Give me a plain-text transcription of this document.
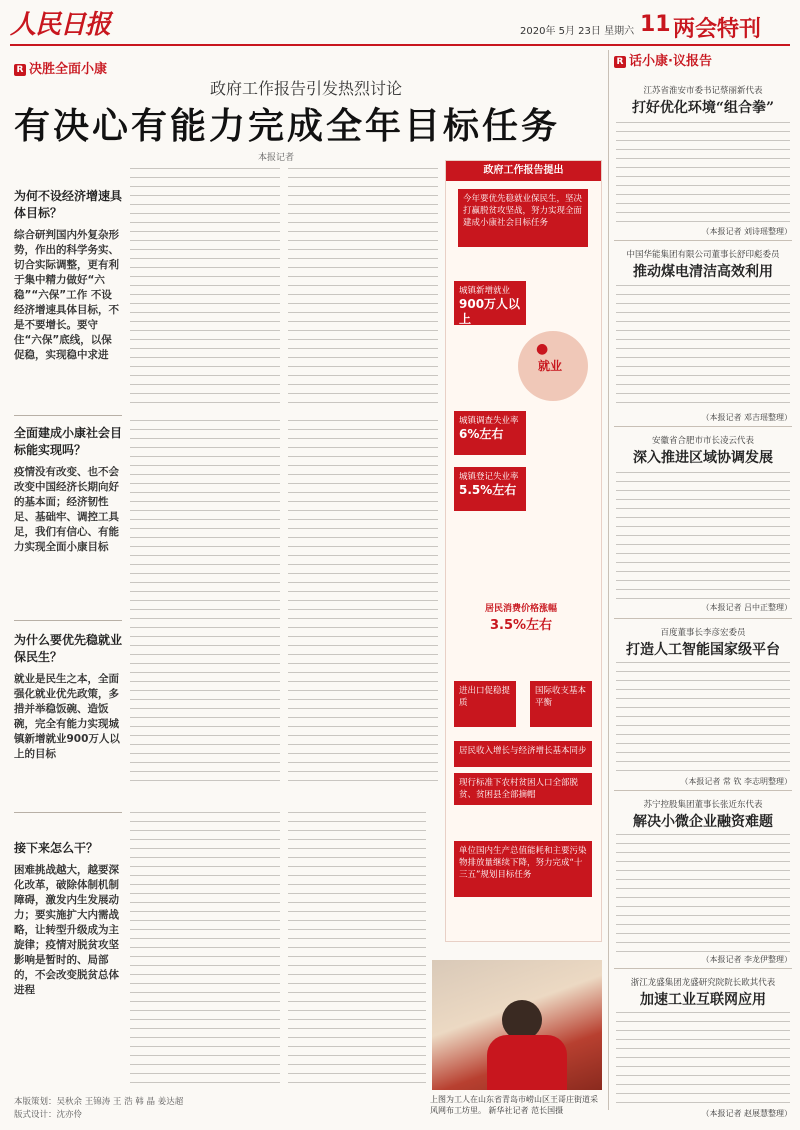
人民日报	2020年 5月 23日 星期六 11 两会特刊
R 决胜全面小康
政府工作报告引发热烈讨论
有决心有能力完成全年目标任务
本报记者
为何不设经济增速具体目标？
综合研判国内外复杂形势，作出的科学务实、切合实际调整，更有利于集中精力做好“六稳”“六保”工作 不设经济增速具体目标，不是不要增长。要守住“六保”底线，以保促稳，实现稳中求进
全面建成小康社会目标能实现吗？
疫情没有改变、也不会改变中国经济长期向好的基本面；经济韧性足、基础牢、调控工具足，我们有信心、有能力实现全面小康目标
为什么要优先稳就业保民生？
就业是民生之本，全面强化就业优先政策，多措并举稳饭碗、造饭碗，完全有能力实现城镇新增就业900万人以上的目标
接下来怎么干？
困难挑战越大，越要深化改革，破除体制机制障碍，激发内生发展动力；要实施扩大内需战略，让转型升级成为主旋律；疫情对脱贫攻坚影响是暂时的、局部的，不会改变脱贫总体进程
政府工作报告提出
今年要优先稳就业保民生，坚决打赢脱贫攻坚战，努力实现全面建成小康社会目标任务
城镇新增就业
900万人以上
就业
●
城镇调查失业率
6%左右
城镇登记失业率
5.5%左右
居民消费价格涨幅
3.5%左右
进出口促稳提质
国际收支基本平衡
居民收入增长与经济增长基本同步
现行标准下农村贫困人口全部脱贫、贫困县全部摘帽
单位国内生产总值能耗和主要污染物排放量继续下降，努力完成“十三五”规划目标任务
上图为工人在山东省青岛市崂山区王哥庄街道采风网布工坊里。 新华社记者 范长国摄
本版策划：吴秋余 王锦涛 王 浩 韩 晶 姜达超
版式设计：沈亦伶
R 话小康·议报告
江苏省淮安市委书记蔡丽新代表
打好优化环境“组合拳”
（本报记者 刘诗瑶整理）
中国华能集团有限公司董事长舒印彪委员
推动煤电清洁高效利用
（本报记者 邓吉瑶整理）
安徽省合肥市市长凌云代表
深入推进区域协调发展
（本报记者 吕中正整理）
百度董事长李彦宏委员
打造人工智能国家级平台
（本报记者 常 钦 李志明整理）
苏宁控股集团董事长张近东代表
解决小微企业融资难题
（本报记者 李龙伊整理）
浙江龙盛集团龙盛研究院院长欧其代表
加速工业互联网应用
（本报记者 赵展慧整理）
